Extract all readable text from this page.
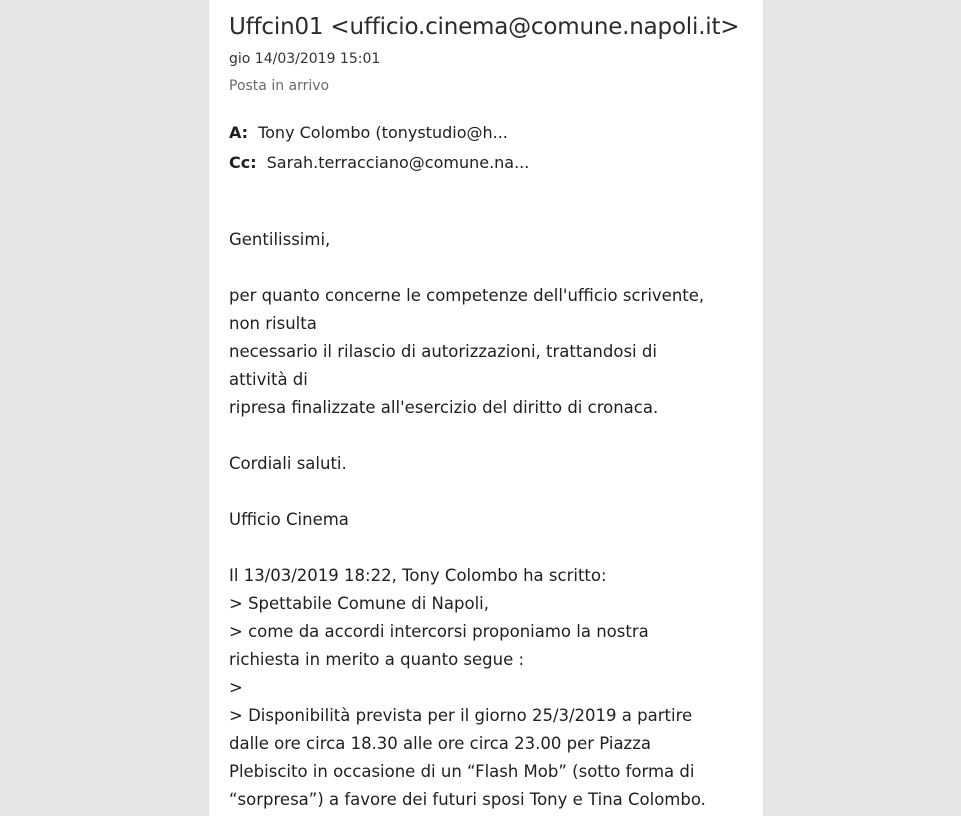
Uffcin01 <ufficio.cinema@comune.napoli.it>
gio 14/03/2019 15:01
Posta in arrivo
A: Tony Colombo (tonystudio@h...
Cc: Sarah.terracciano@comune.na...
Gentilissimi,
per quanto concerne le competenze dell'ufficio scrivente,
non risulta
necessario il rilascio di autorizzazioni, trattandosi di
attività di
ripresa finalizzate all'esercizio del diritto di cronaca.
Cordiali saluti.
Ufficio Cinema
Il 13/03/2019 18:22, Tony Colombo ha scritto:
> Spettabile Comune di Napoli,
> come da accordi intercorsi proponiamo la nostra
richiesta in merito a quanto segue :
>
> Disponibilità prevista per il giorno 25/3/2019 a partire
dalle ore circa 18.30 alle ore circa 23.00 per Piazza
Plebiscito in occasione di un “Flash Mob” (sotto forma di
“sorpresa”) a favore dei futuri sposi Tony e Tina Colombo.
